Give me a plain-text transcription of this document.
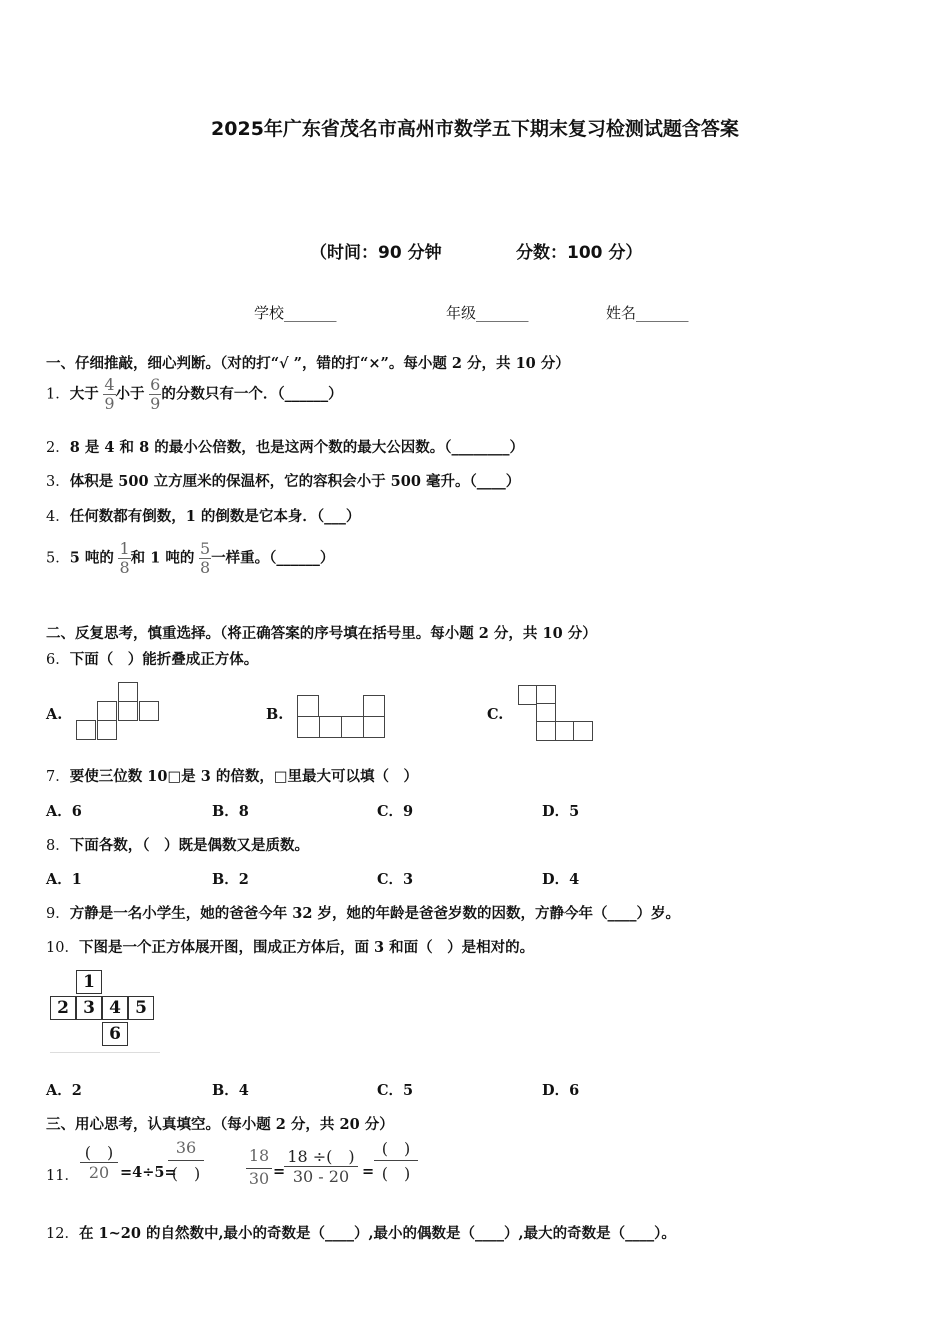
2025年广东省茂名市高州市数学五下期末复习检测试题含答案
（时间：90 分钟	分数：100 分）
学校_______	年级_______	姓名_______
一、仔细推敲，细心判断。（对的打“√ ”，错的打“×”。每小题 2 分，共 10 分）
1．大于 $\frac{4}{9}$ 小于 $\frac{6}{9}$ 的分数只有一个．（______）
2．8 是 4 和 8 的最小公倍数，也是这两个数的最大公因数。（________）
3．体积是 500 立方厘米的保温杯，它的容积会小于 500 毫升。（____）
4．任何数都有倒数，1 的倒数是它本身．（___）
5．5 吨的 $\frac{1}{8}$ 和 1 吨的 $\frac{5}{8}$ 一样重。（______）
二、反复思考，慎重选择。（将正确答案的序号填在括号里。每小题 2 分，共 10 分）
6．下面（　）能折叠成正方体。
A.	B.	C.
7．要使三位数 10□是 3 的倍数，□里最大可以填（　）
A．6	B．8	C．9	D．5
8．下面各数，（　）既是偶数又是质数。
A．1	B．2	C．3	D．4
9．方静是一名小学生，她的爸爸今年 32 岁，她的年龄是爸爸岁数的因数，方静今年（____）岁。
10．下图是一个正方体展开图，围成正方体后，面 3 和面（　）是相对的。
1
2 3 4 5
6
A．2	B．4	C．5	D．6
三、用心思考，认真填空。（每小题 2 分，共 20 分）
11．
(　)
20 =4÷5=
36
(　)
18
30 =
18 ÷(　)
30 - 20 =
(　)
(　)
12．在 1~20 的自然数中,最小的奇数是（____）,最小的偶数是（____）,最大的奇数是（____）。
